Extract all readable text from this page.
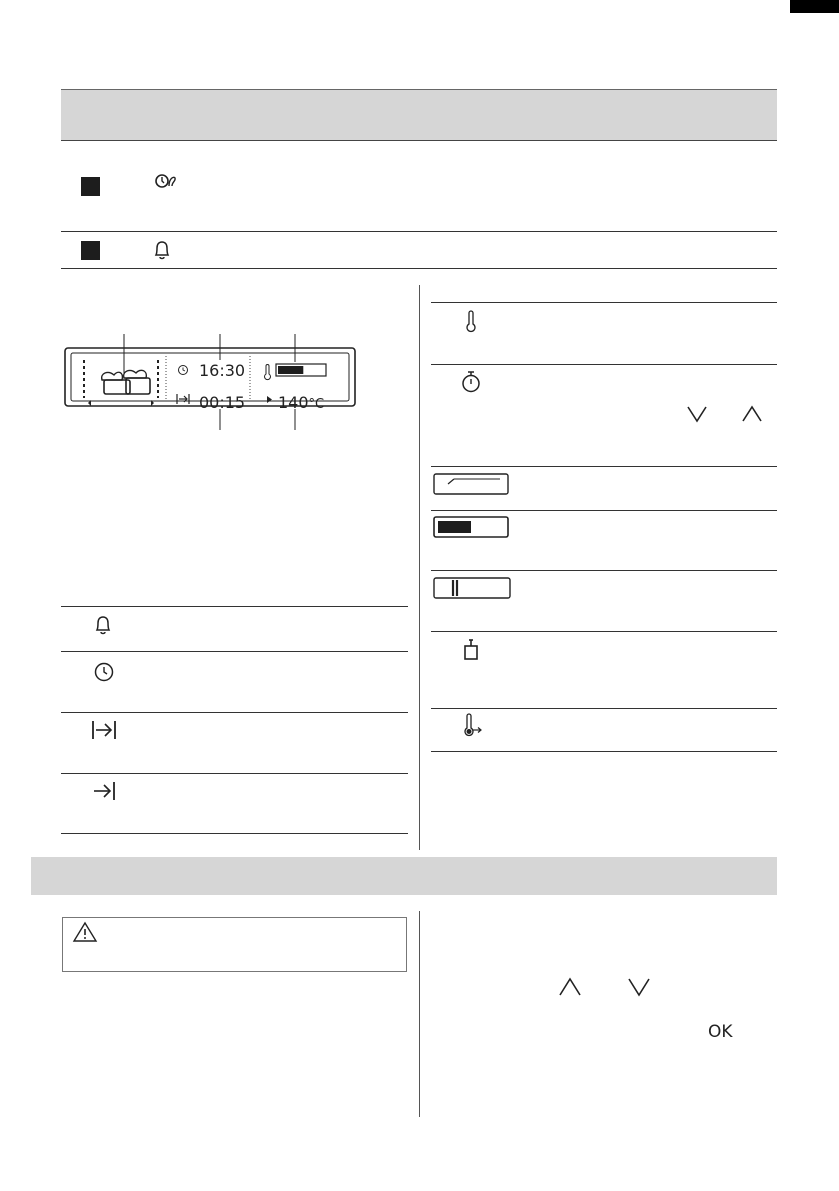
16:30
00:15 140°C
OK
